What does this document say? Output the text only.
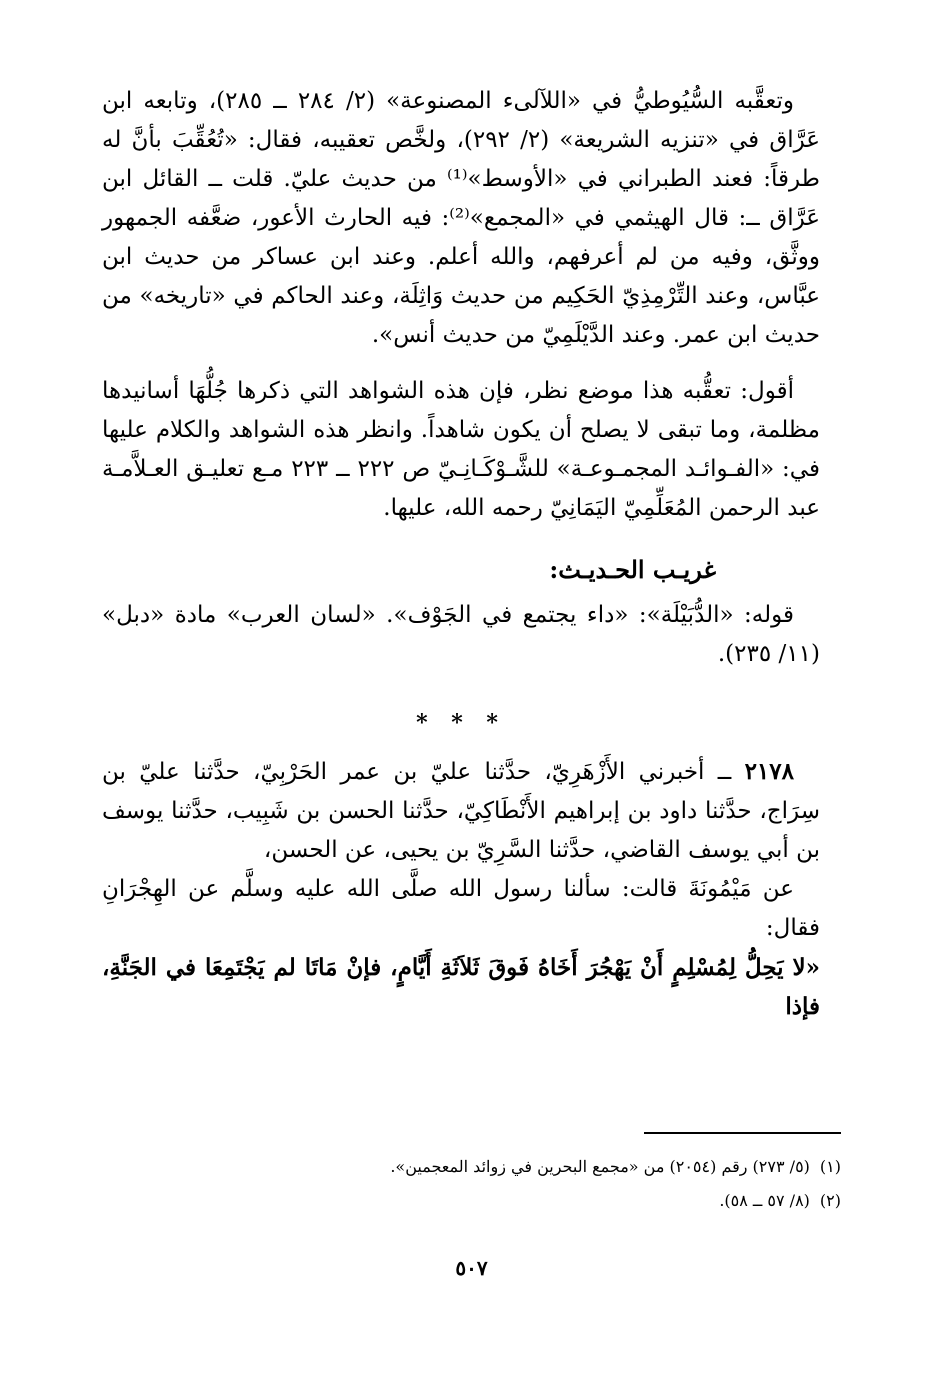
وتعقَّبه السُّيُوطيُّ في «اللآلىء المصنوعة» (٢/ ٢٨٤ ــ ٢٨٥)، وتابعه ابن عَرَّاق في «تنزيه الشريعة» (٢/ ٢٩٢)، ولخَّص تعقيبه، فقال: «تُعُقِّبَ بأنَّ له طرقاً: فعند الطبراني في «الأوسط»⁽¹⁾ من حديث عليّ. قلت ــ القائل ابن عَرَّاق ــ: قال الهيثمي في «المجمع»⁽²⁾: فيه الحارث الأعور، ضعَّفه الجمهور ووثَّق، وفيه من لم أعرفهم، والله أعلم. وعند ابن عساكر من حديث ابن عبَّاس، وعند التِّرْمِذِيّ الحَكِيم من حديث وَاثِلَة، وعند الحاكم في «تاريخه» من حديث ابن عمر. وعند الدَّيْلَمِيّ من حديث أنس».

أقول: تعقُّبه هذا موضع نظر، فإن هذه الشواهد التي ذكرها جُلُّهَا أسانيدها مظلمة، وما تبقى لا يصلح أن يكون شاهداً. وانظر هذه الشواهد والكلام عليها في: «الفـوائـد المجمـوعـة» للشَّـوْكَـانِـيّ ص ٢٢٢ ــ ٢٢٣ مـع تعليـق العـلاَّمـة عبد الرحمن المُعَلِّمِيّ اليَمَانِيّ رحمه الله، عليها.

غريـب الحـديـث:

قوله: «الدُّبَيْلَة»: «داء يجتمع في الجَوْف». «لسان العرب» مادة «دبل» (١١/ ٢٣٥).

* * *

٢١٧٨ ــ أخبرني الأَزْهَرِيّ، حدَّثنا عليّ بن عمر الحَرْبِيّ، حدَّثنا عليّ بن سِرَاج، حدَّثنا داود بن إبراهيم الأَنْطَاكِيّ، حدَّثنا الحسن بن شَبِيب، حدَّثنا يوسف بن أبي يوسف القاضي، حدَّثنا السَّرِيّ بن يحيى، عن الحسن،

عن مَيْمُونَةَ قالت: سألنا رسول الله صلَّى الله عليه وسلَّم عن الهِجْرَانِ فقال:

«لا يَحِلُّ لِمُسْلِمٍ أَنْ يَهْجُرَ أَخَاهُ فَوقَ ثَلاَثَةِ أَيَّامٍ، فإنْ مَاتَا لم يَجْتَمِعَا في الجَنَّةِ، فإذا

(١) (٥/ ٢٧٣) رقم (٢٠٥٤) من «مجمع البحرين في زوائد المعجمين».

(٢) (٨/ ٥٧ ــ ٥٨).

٥٠٧
